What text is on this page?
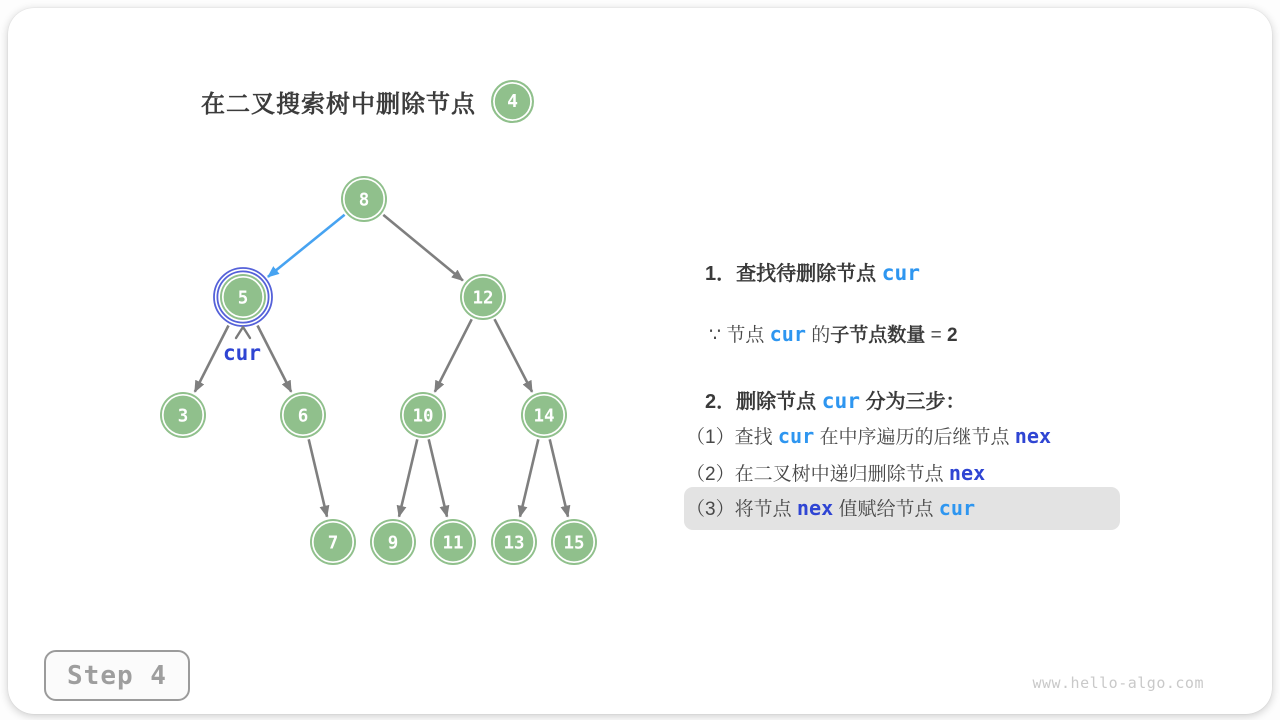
在二叉搜索树中删除节点 4
8
5	12
3	6	10	14
7	9	11 13 15
cur
1．查找待删除节点 cur
∵ 节点 cur 的子节点数量 = 2
2．删除节点 cur 分为三步：
（1）查找 cur 在中序遍历的后继节点 nex
（2）在二叉树中递归删除节点 nex
（3）将节点 nex 值赋给节点 cur
Step 4	www.hello-algo.com
